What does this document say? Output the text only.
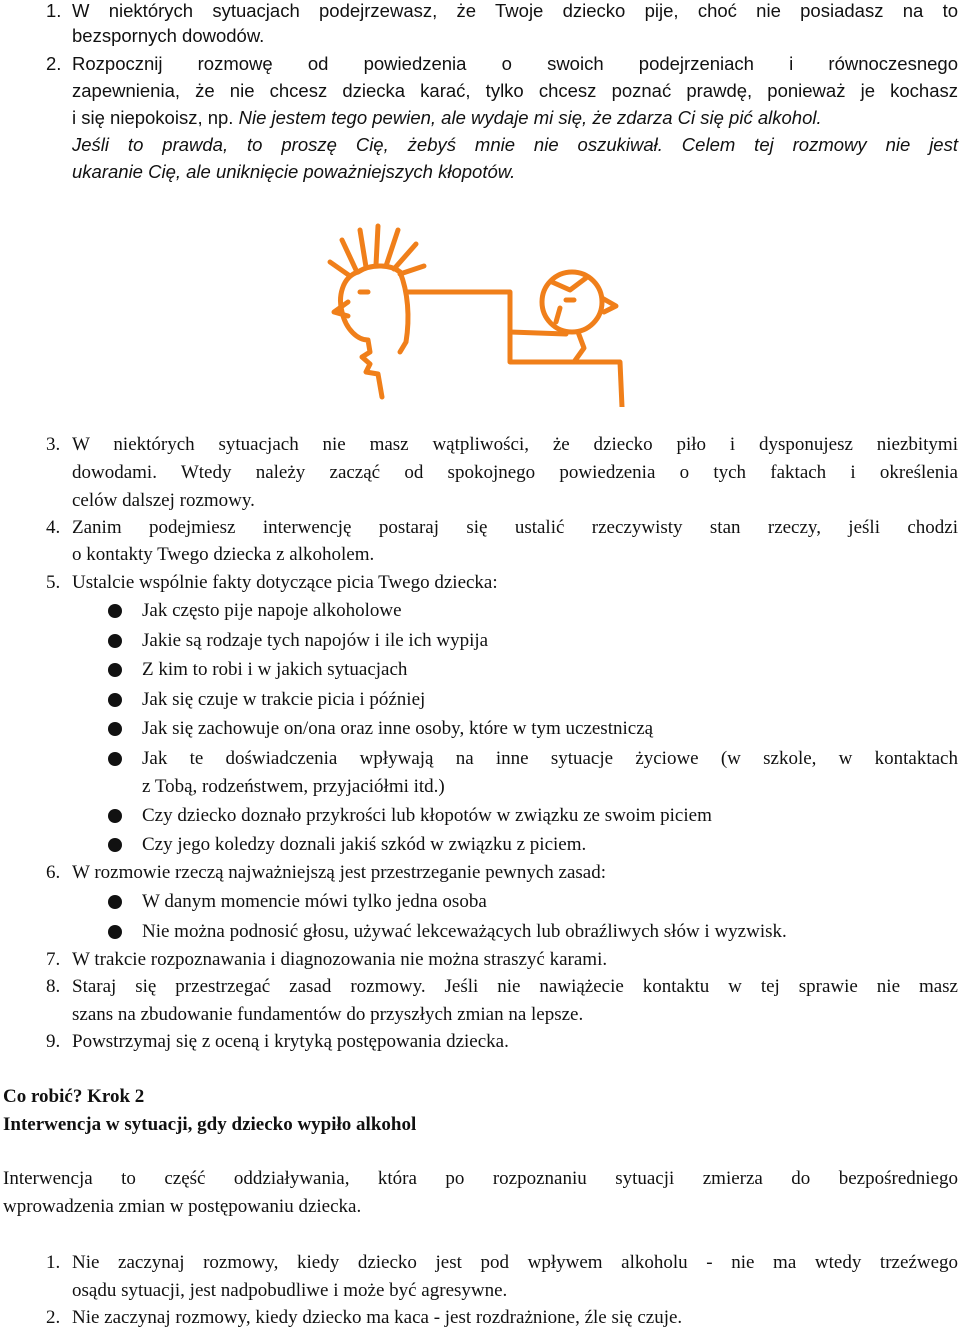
1. W niektórych sytuacjach podejrzewasz, że Twoje dziecko pije, choć nie posiadasz na to
bezspornych dowodów.
2. Rozpocznij rozmowę od powiedzenia o swoich podejrzeniach i równoczesnego
zapewnienia, że nie chcesz dziecka karać, tylko chcesz poznać prawdę, ponieważ je kochasz
i się niepokoisz, np. Nie jestem tego pewien, ale wydaje mi się, że zdarza Ci się pić alkohol.
Jeśli to prawda, to proszę Cię, żebyś mnie nie oszukiwał. Celem tej rozmowy nie jest
ukaranie Cię, ale uniknięcie poważniejszych kłopotów.
3. W niektórych sytuacjach nie masz wątpliwości, że dziecko piło i dysponujesz niezbitymi
dowodami. Wtedy należy zacząć od spokojnego powiedzenia o tych faktach i określenia
celów dalszej rozmowy.
4. Zanim podejmiesz interwencję postaraj się ustalić rzeczywisty stan rzeczy, jeśli chodzi
o kontakty Twego dziecka z alkoholem.
5. Ustalcie wspólnie fakty dotyczące picia Twego dziecka:
Jak często pije napoje alkoholowe
Jakie są rodzaje tych napojów i ile ich wypija
Z kim to robi i w jakich sytuacjach
Jak się czuje w trakcie picia i później
Jak się zachowuje on/ona oraz inne osoby, które w tym uczestniczą
Jak te doświadczenia wpływają na inne sytuacje życiowe (w szkole, w kontaktach
z Tobą, rodzeństwem, przyjaciółmi itd.)
Czy dziecko doznało przykrości lub kłopotów w związku ze swoim piciem
Czy jego koledzy doznali jakiś szkód w związku z piciem.
6. W rozmowie rzeczą najważniejszą jest przestrzeganie pewnych zasad:
W danym momencie mówi tylko jedna osoba
Nie można podnosić głosu, używać lekceważących lub obraźliwych słów i wyzwisk.
7. W trakcie rozpoznawania i diagnozowania nie można straszyć karami.
8. Staraj się przestrzegać zasad rozmowy. Jeśli nie nawiążecie kontaktu w tej sprawie nie masz
szans na zbudowanie fundamentów do przyszłych zmian na lepsze.
9. Powstrzymaj się z oceną i krytyką postępowania dziecka.
Co robić? Krok 2
Interwencja w sytuacji, gdy dziecko wypiło alkohol
Interwencja to część oddziaływania, która po rozpoznaniu sytuacji zmierza do bezpośredniego
wprowadzenia zmian w postępowaniu dziecka.
1. Nie zaczynaj rozmowy, kiedy dziecko jest pod wpływem alkoholu - nie ma wtedy trzeźwego
osądu sytuacji, jest nadpobudliwe i może być agresywne.
2. Nie zaczynaj rozmowy, kiedy dziecko ma kaca - jest rozdrażnione, źle się czuje.
